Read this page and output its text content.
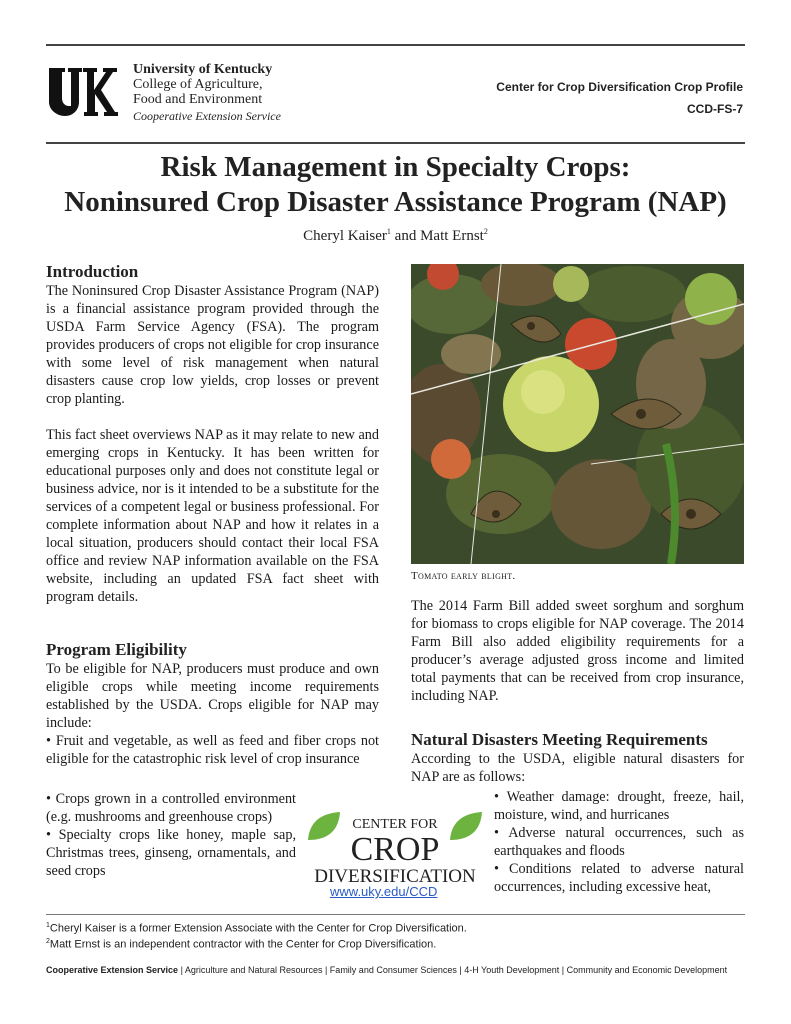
University of Kentucky
College of Agriculture,
Food and Environment
Cooperative Extension Service
Center for Crop Diversification Crop Profile
CCD-FS-7
Risk Management in Specialty Crops:
Noninsured Crop Disaster Assistance Program (NAP)
Cheryl Kaiser$^1$ and Matt Ernst$^2$
Introduction

The Noninsured Crop Disaster Assistance Program (NAP) is a financial assistance program provided through the USDA Farm Service Agency (FSA). The program provides producers of crops not eligible for crop insurance with some level of risk management when natural disasters cause crop low yields, crop losses or prevent crop planting.

This fact sheet overviews NAP as it may relate to new and emerging crops in Kentucky. It has been written for educational purposes only and does not constitute legal or business advice, nor is it intended to be a substitute for the services of a competent legal or business professional. For complete information about NAP and how it relates in a local situation, producers should contact their local FSA office and review NAP information available on the FSA website, including an updated FSA fact sheet with program details.

Program Eligibility

To be eligible for NAP, producers must produce and own eligible crops while meeting income requirements established by the USDA. Crops eligible for NAP may include:

• Fruit and vegetable, as well as feed and fiber crops not eligible for the catastrophic risk level of crop insurance

• Crops grown in a controlled environment (e.g. mushrooms and greenhouse crops)

• Specialty crops like honey, maple sap, Christmas trees, ginseng, ornamentals, and seed crops

Tomato early blight.

The 2014 Farm Bill added sweet sorghum and sorghum for biomass to crops eligible for NAP coverage. The 2014 Farm Bill also added eligibility requirements for a producer’s average adjusted gross income and limited total payments that can be received from crop insurance, including NAP.

Natural Disasters Meeting Requirements

According to the USDA, eligible natural disasters for NAP are as follows:

• Weather damage: drought, freeze, hail, moisture, wind, and hurricanes

• Adverse natural occurrences, such as earthquakes and floods

• Conditions related to adverse natural occurrences, including excessive heat,

CENTER FOR
CROP
DIVERSIFICATION
www.uky.edu/CCD
$^1$Cheryl Kaiser is a former Extension Associate with the Center for Crop Diversification.
$^2$Matt Ernst is an independent contractor with the Center for Crop Diversification.
Cooperative Extension Service | Agriculture and Natural Resources | Family and Consumer Sciences | 4-H Youth Development | Community and Economic Development
